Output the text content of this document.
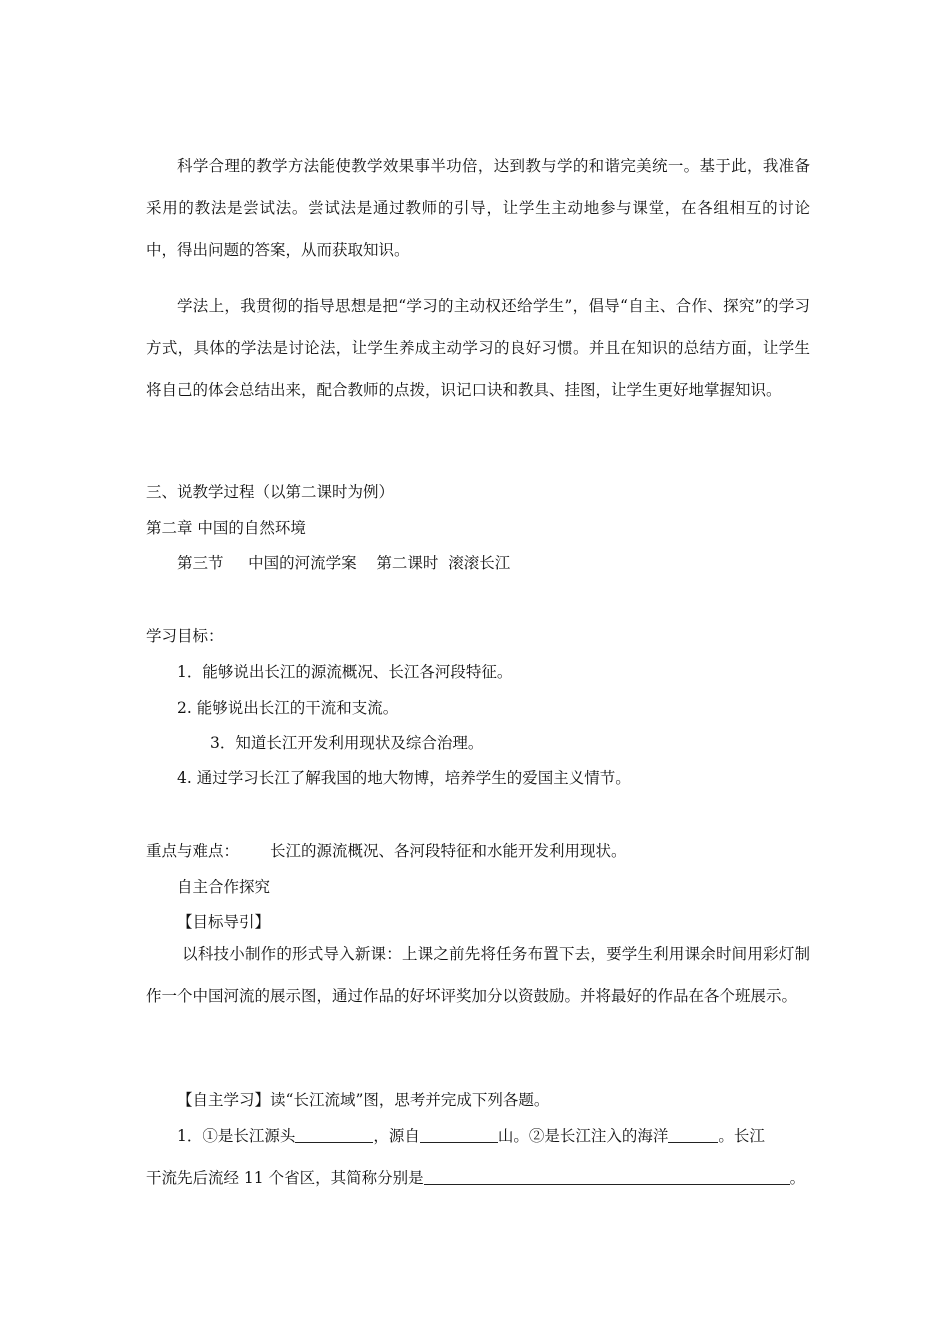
科学合理的教学方法能使教学效果事半功倍，达到教与学的和谐完美统一。基于此，我准备采用的教法是尝试法。尝试法是通过教师的引导，让学生主动地参与课堂，在各组相互的讨论中，得出问题的答案，从而获取知识。

学法上，我贯彻的指导思想是把“学习的主动权还给学生”，倡导“自主、合作、探究”的学习方式，具体的学法是讨论法，让学生养成主动学习的良好习惯。并且在知识的总结方面，让学生将自己的体会总结出来，配合教师的点拨，识记口诀和教具、挂图，让学生更好地掌握知识。

三、说教学过程（以第二课时为例）

第二章 中国的自然环境

第三节     中国的河流学案    第二课时  滚滚长江

学习目标：

1．能够说出长江的源流概况、长江各河段特征。

2. 能够说出长江的干流和支流。

3．知道长江开发利用现状及综合治理。

4. 通过学习长江了解我国的地大物博，培养学生的爱国主义情节。

重点与难点： 长江的源流概况、各河段特征和水能开发利用现状。

自主合作探究

【目标导引】

以科技小制作的形式导入新课：上课之前先将任务布置下去，要学生利用课余时间用彩灯制作一个中国河流的展示图，通过作品的好坏评奖加分以资鼓励。并将最好的作品在各个班展示。

【自主学习】读“长江流域”图，思考并完成下列各题。

1．①是长江源头	，源自	山。②是长江注入的海洋	。长江

干流先后流经 11 个省区，其简称分别是	。
